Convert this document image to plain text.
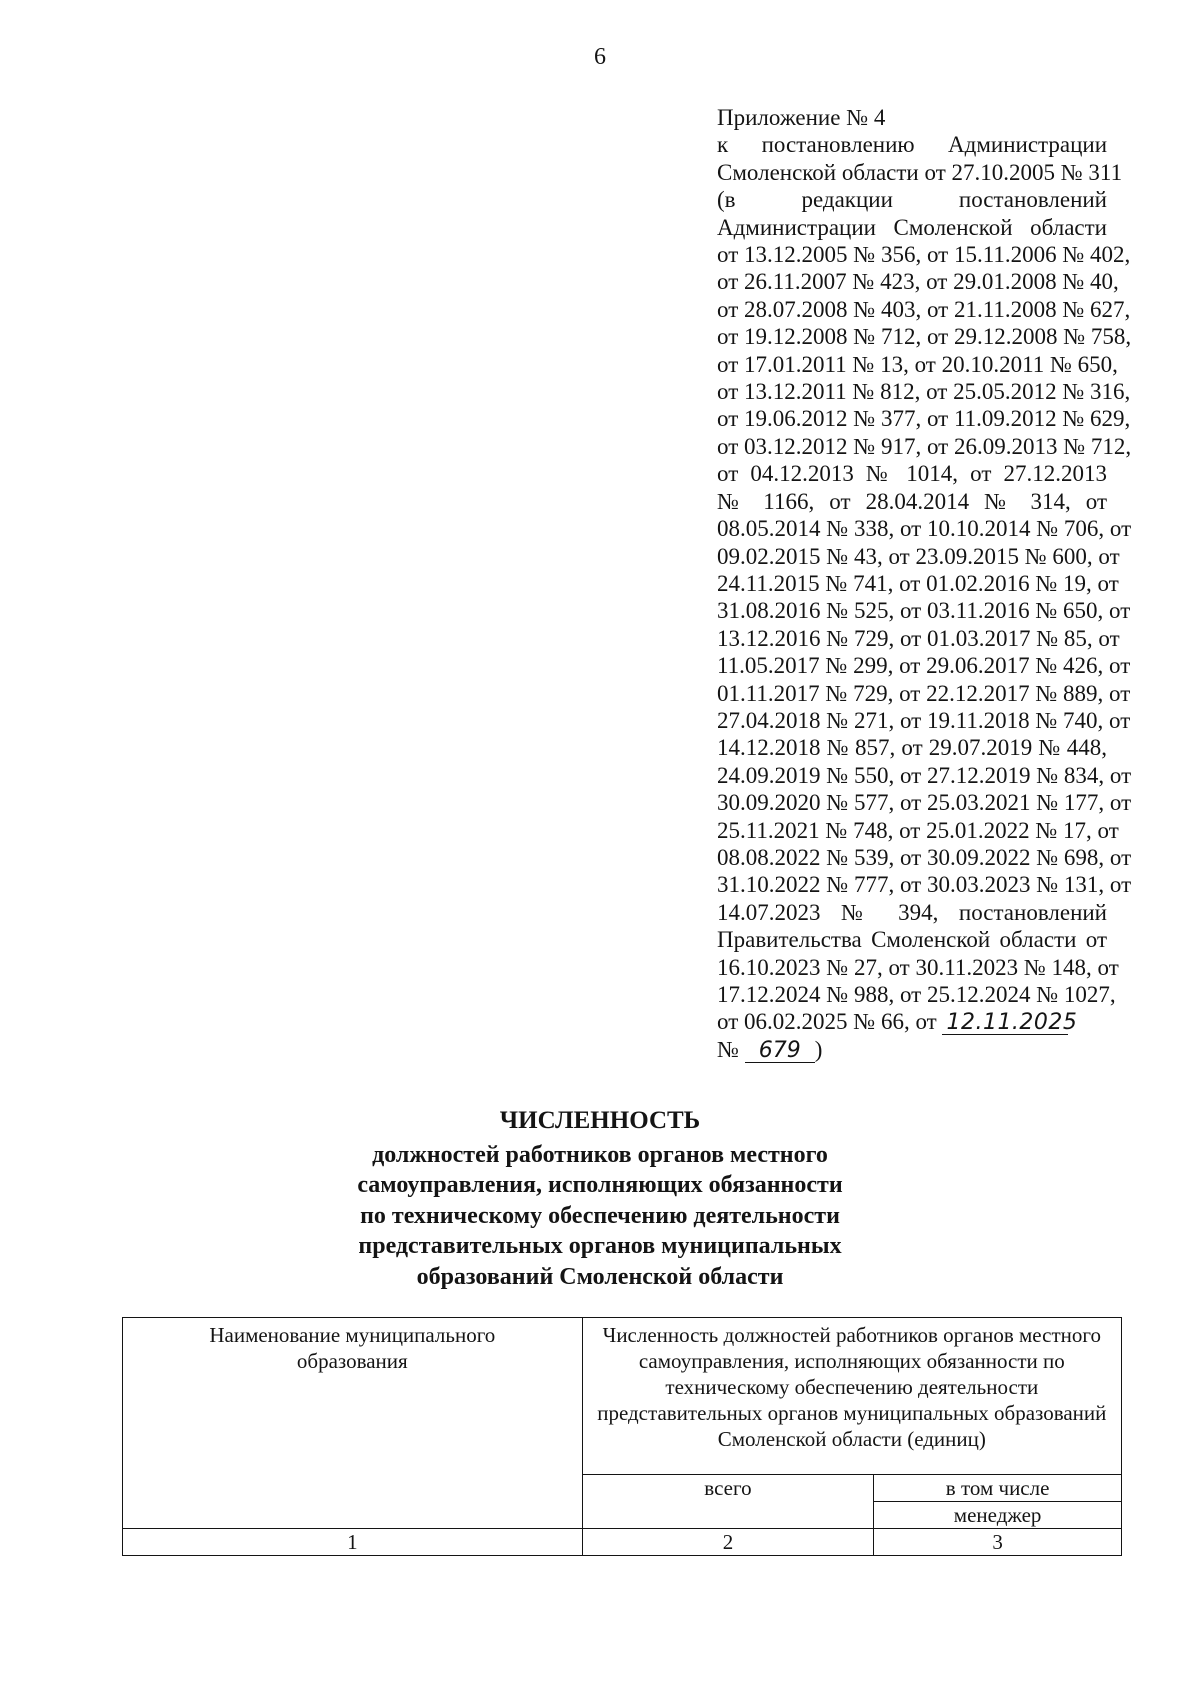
6
Приложение № 4
к постановлению Администрации
Смоленской области от 27.10.2005 № 311
(в редакции постановлений
Администрации Смоленской области
от 13.12.2005 № 356, от 15.11.2006 № 402,
от 26.11.2007 № 423, от 29.01.2008 № 40,
от 28.07.2008 № 403, от 21.11.2008 № 627,
от 19.12.2008 № 712, от 29.12.2008 № 758,
от 17.01.2011 № 13, от 20.10.2011 № 650,
от 13.12.2011 № 812, от 25.05.2012 № 316,
от 19.06.2012 № 377, от 11.09.2012 № 629,
от 03.12.2012 № 917, от 26.09.2013 № 712,
от 04.12.2013 № 1014, от 27.12.2013
№ 1166, от 28.04.2014 № 314, от
08.05.2014 № 338, от 10.10.2014 № 706, от
09.02.2015 № 43, от 23.09.2015 № 600, от
24.11.2015 № 741, от 01.02.2016 № 19, от
31.08.2016 № 525, от 03.11.2016 № 650, от
13.12.2016 № 729, от 01.03.2017 № 85, от
11.05.2017 № 299, от 29.06.2017 № 426, от
01.11.2017 № 729, от 22.12.2017 № 889, от
27.04.2018 № 271, от 19.11.2018 № 740, от
14.12.2018 № 857, от 29.07.2019 № 448,
24.09.2019 № 550, от 27.12.2019 № 834, от
30.09.2020 № 577, от 25.03.2021 № 177, от
25.11.2021 № 748, от 25.01.2022 № 17, от
08.08.2022 № 539, от 30.09.2022 № 698, от
31.10.2022 № 777, от 30.03.2023 № 131, от
14.07.2023 № 394, постановлений
Правительства Смоленской области от
16.10.2023 № 27, от 30.11.2023 № 148, от
17.12.2024 № 988, от 25.12.2024 № 1027,
от 06.02.2025 № 66, от 12.11.2025
№ 679 )
ЧИСЛЕННОСТЬ
должностей работников органов местного
самоуправления, исполняющих обязанности
по техническому обеспечению деятельности
представительных органов муниципальных
образований Смоленской области
Наименование муниципального образования	Численность должностей работников органов местного самоуправления, исполняющих обязанности по техническому обеспечению деятельности представительных органов муниципальных образований Смоленской области (единиц)	
	всего	в том числе
		менеджер
1	2	3
